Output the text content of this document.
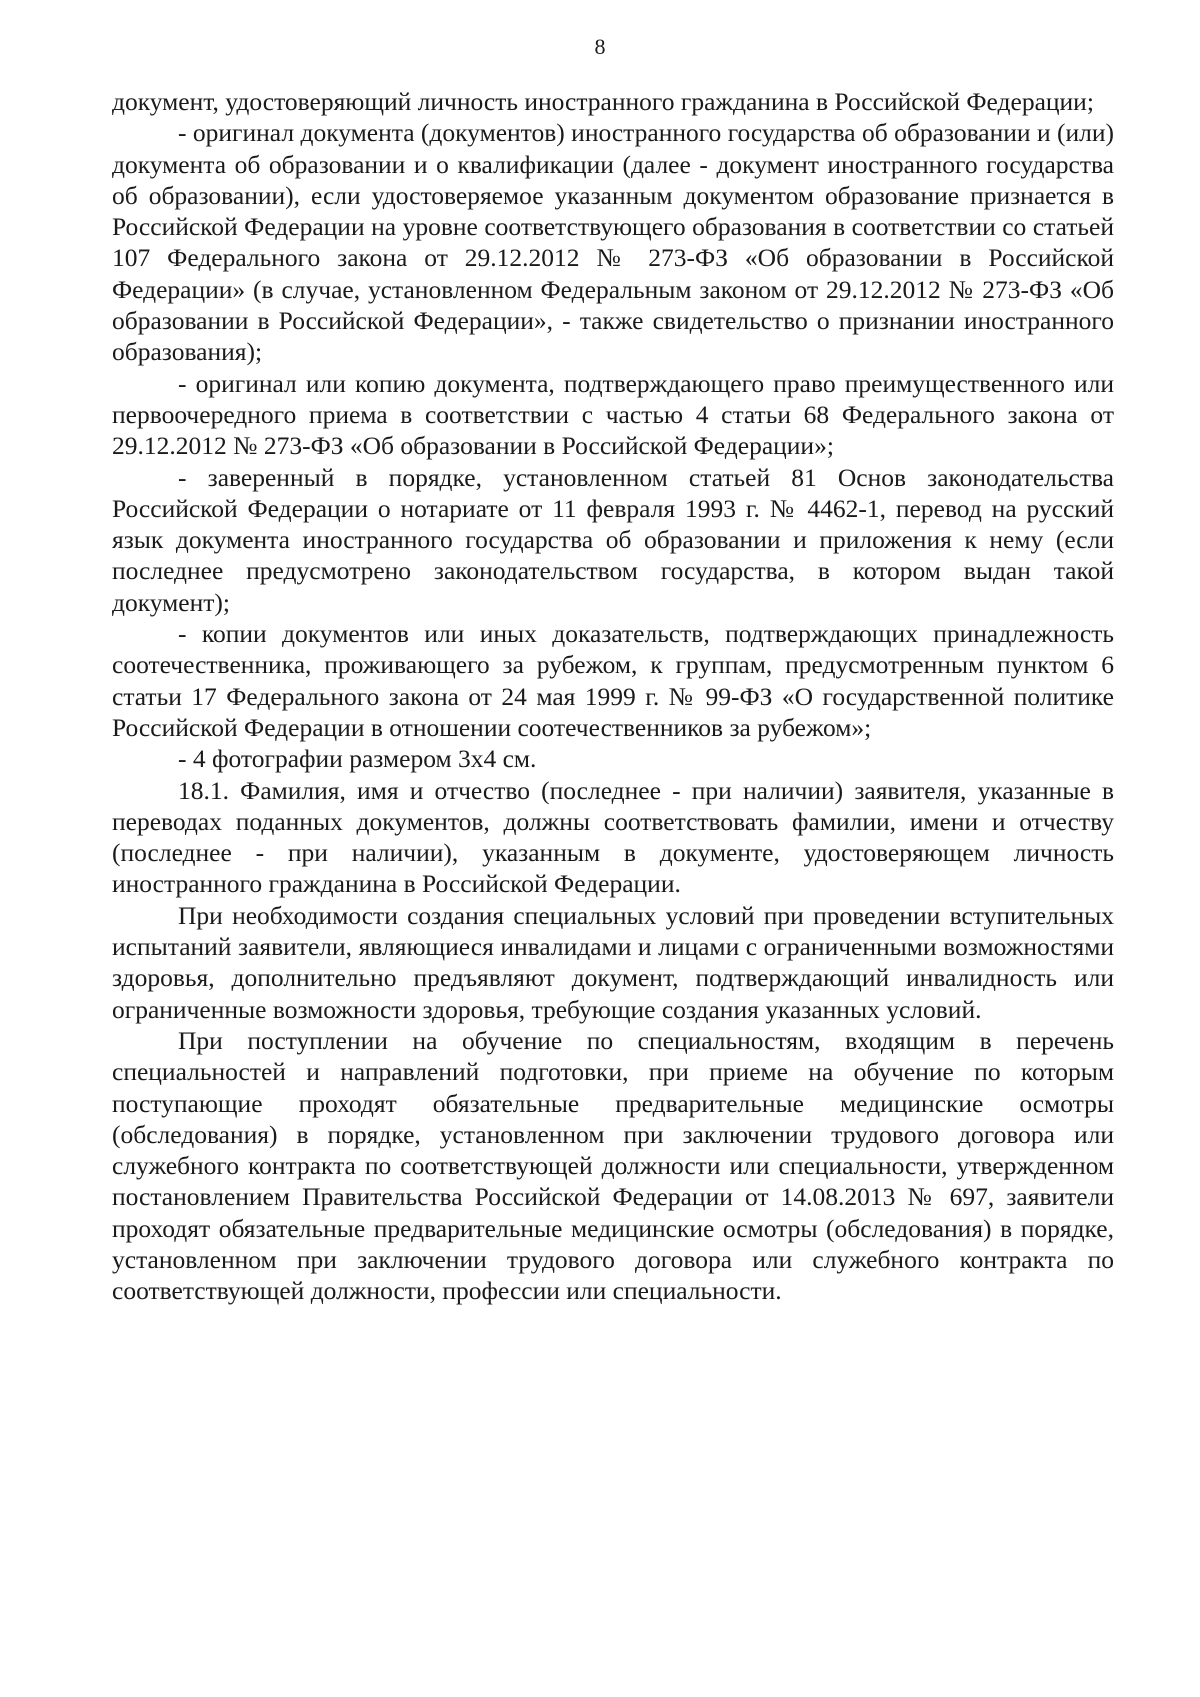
8

документ, удостоверяющий личность иностранного гражданина в Российской Федерации;

- оригинал документа (документов) иностранного государства об образовании и (или) документа об образовании и о квалификации (далее - документ иностранного государства об образовании), если удостоверяемое указанным документом образование признается в Российской Федерации на уровне соответствующего образования в соответствии со статьей 107 Федерального закона от 29.12.2012 № 273-ФЗ «Об образовании в Российской Федерации» (в случае, установленном Федеральным законом от 29.12.2012 № 273-ФЗ «Об образовании в Российской Федерации», - также свидетельство о признании иностранного образования);

- оригинал или копию документа, подтверждающего право преимущественного или первоочередного приема в соответствии с частью 4 статьи 68 Федерального закона от 29.12.2012 № 273-ФЗ «Об образовании в Российской Федерации»;

- заверенный в порядке, установленном статьей 81 Основ законодательства Российской Федерации о нотариате от 11 февраля 1993 г. № 4462-1, перевод на русский язык документа иностранного государства об образовании и приложения к нему (если последнее предусмотрено законодательством государства, в котором выдан такой документ);

- копии документов или иных доказательств, подтверждающих принадлежность соотечественника, проживающего за рубежом, к группам, предусмотренным пунктом 6 статьи 17 Федерального закона от 24 мая 1999 г. № 99-ФЗ «О государственной политике Российской Федерации в отношении соотечественников за рубежом»;

- 4 фотографии размером 3х4 см.

18.1. Фамилия, имя и отчество (последнее - при наличии) заявителя, указанные в переводах поданных документов, должны соответствовать фамилии, имени и отчеству (последнее - при наличии), указанным в документе, удостоверяющем личность иностранного гражданина в Российской Федерации.

При необходимости создания специальных условий при проведении вступительных испытаний заявители, являющиеся инвалидами и лицами с ограниченными возможностями здоровья, дополнительно предъявляют документ, подтверждающий инвалидность или ограниченные возможности здоровья, требующие создания указанных условий.

При поступлении на обучение по специальностям, входящим в перечень специальностей и направлений подготовки, при приеме на обучение по которым поступающие проходят обязательные предварительные медицинские осмотры (обследования) в порядке, установленном при заключении трудового договора или служебного контракта по соответствующей должности или специальности, утвержденном постановлением Правительства Российской Федерации от 14.08.2013 № 697, заявители проходят обязательные предварительные медицинские осмотры (обследования) в порядке, установленном при заключении трудового договора или служебного контракта по соответствующей должности, профессии или специальности.
